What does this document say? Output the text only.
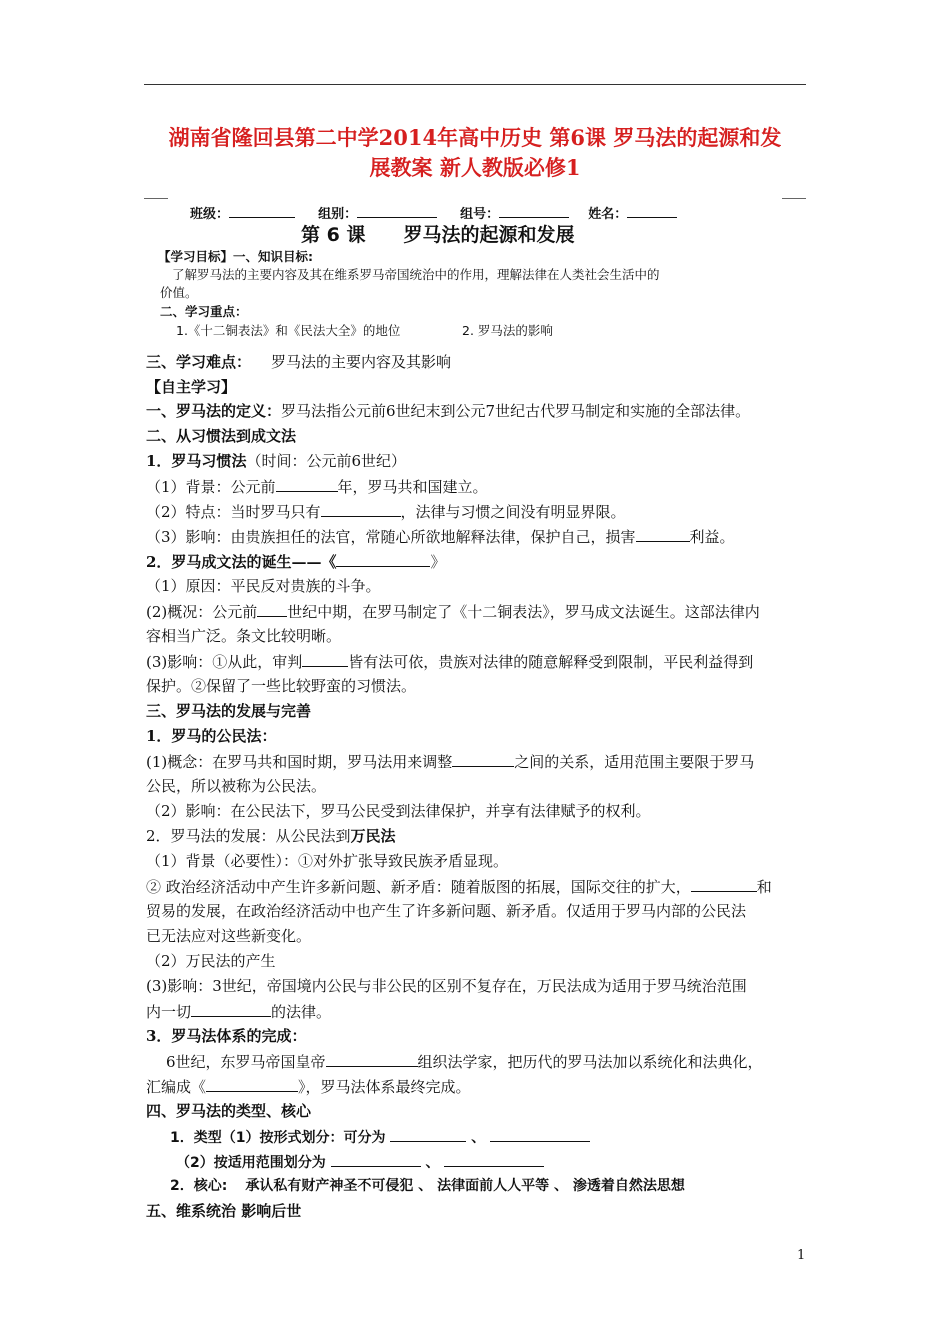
湖南省隆回县第二中学2014年高中历史 第6课 罗马法的起源和发
展教案 新人教版必修1
班级：	组别：	组号：	姓名：
第 6 课 罗马法的起源和发展
【学习目标】一、知识目标:
了解罗马法的主要内容及其在维系罗马帝国统治中的作用，理解法律在人类社会生活中的
价值。
二、学习重点：
1.《十二铜表法》和《民法大全》的地位	2. 罗马法的影响
三、学习难点： 罗马法的主要内容及其影响
【自主学习】
一、罗马法的定义：罗马法指公元前6世纪末到公元7世纪古代罗马制定和实施的全部法律。
二、从习惯法到成文法
1．罗马习惯法（时间：公元前6世纪）
（1）背景：公元前	年，罗马共和国建立。
（2）特点：当时罗马只有	，法律与习惯之间没有明显界限。
（3）影响：由贵族担任的法官，常随心所欲地解释法律，保护自己，损害	利益。
2．罗马成文法的诞生——《	》
（1）原因：平民反对贵族的斗争。
(2)概况：公元前 世纪中期，在罗马制定了《十二铜表法》，罗马成文法诞生。这部法律内
容相当广泛。条文比较明晰。
(3)影响：①从此，审判	皆有法可依，贵族对法律的随意解释受到限制，平民利益得到
保护。②保留了一些比较野蛮的习惯法。
三、罗马法的发展与完善
1．罗马的公民法：
(1)概念：在罗马共和国时期，罗马法用来调整	之间的关系，适用范围主要限于罗马
公民，所以被称为公民法。
（2）影响：在公民法下，罗马公民受到法律保护，并享有法律赋予的权利。
2．罗马法的发展：从公民法到万民法
（1）背景（必要性）：①对外扩张导致民族矛盾显现。
② 政治经济活动中产生许多新问题、新矛盾：随着版图的拓展，国际交往的扩大，	和
贸易的发展，在政治经济活动中也产生了许多新问题、新矛盾。仅适用于罗马内部的公民法
已无法应对这些新变化。
（2）万民法的产生
(3)影响：3世纪，帝国境内公民与非公民的区别不复存在，万民法成为适用于罗马统治范围
内一切	的法律。
3．罗马法体系的完成：
6世纪，东罗马帝国皇帝	组织法学家，把历代的罗马法加以系统化和法典化，
汇编成《	》，罗马法体系最终完成。
四、罗马法的类型、核心
1．类型（1）按形式划分：可分为	、
（2）按适用范围划分为	、
2．核心: 承认私有财产神圣不可侵犯 、 法律面前人人平等 、 渗透着自然法思想
五、维系统治 影响后世
1
